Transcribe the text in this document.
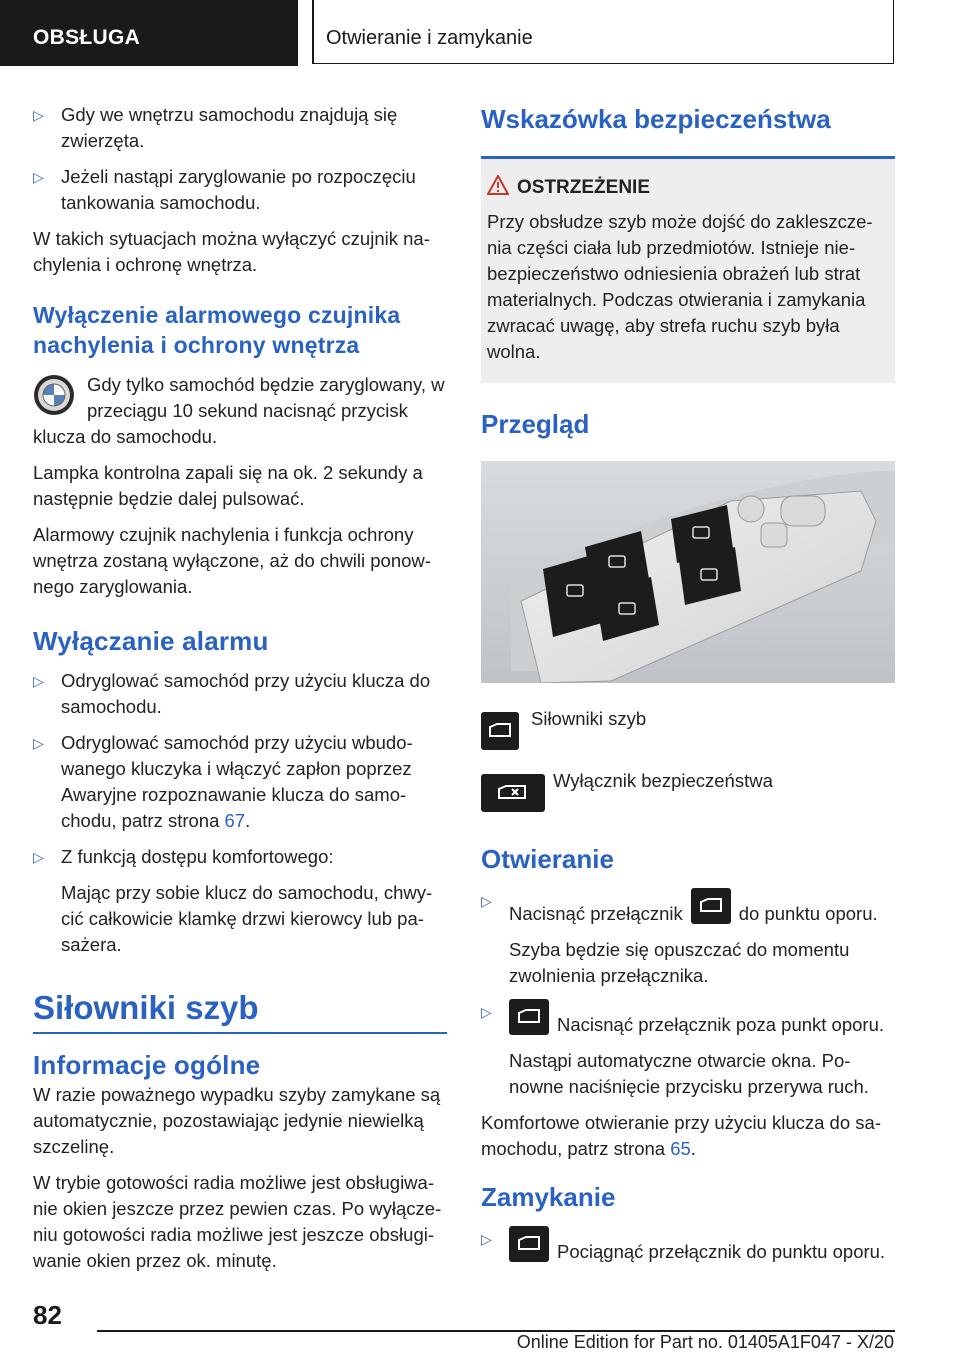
OBSŁUGA	Otwieranie i zamykanie
▷ Gdy we wnętrzu samochodu znajdują się zwierzęta.
▷ Jeżeli nastąpi zaryglowanie po rozpoczęciu tankowania samochodu.

W takich sytuacjach można wyłączyć czujnik nachylenia i ochronę wnętrza.

Wyłączenie alarmowego czujnika nachylenia i ochrony wnętrza
Gdy tylko samochód będzie zaryglowany, w przeciągu 10 sekund nacisnąć przycisk klucza do samochodu.

Lampka kontrolna zapali się na ok. 2 sekundy a następnie będzie dalej pulsować.

Alarmowy czujnik nachylenia i funkcja ochrony wnętrza zostaną wyłączone, aż do chwili ponownego zaryglowania.

Wyłączanie alarmu
▷ Odryglować samochód przy użyciu klucza do samochodu.
▷ Odryglować samochód przy użyciu wbudowanego kluczyka i włączyć zapłon poprzez Awaryjne rozpoznawanie klucza do samochodu, patrz strona 67.
▷ Z funkcją dostępu komfortowego:
Mając przy sobie klucz do samochodu, chwycić całkowicie klamkę drzwi kierowcy lub pasażera.
Siłowniki szyb
Informacje ogólne

W razie poważnego wypadku szyby zamykane są automatycznie, pozostawiając jedynie niewielką szczelinę.

W trybie gotowości radia możliwe jest obsługiwanie okien jeszcze przez pewien czas. Po wyłączeniu gotowości radia możliwe jest jeszcze obsługiwanie okien przez ok. minutę.

Wskazówka bezpieczeństwa
OSTRZEŻENIE
Przy obsłudze szyb może dojść do zakleszczenia części ciała lub przedmiotów. Istnieje niebezpieczeństwo odniesienia obrażeń lub strat materialnych. Podczas otwierania i zamykania zwracać uwagę, aby strefa ruchu szyb była wolna.
Przegląd
Siłowniki szyb
Wyłącznik bezpieczeństwa
Otwieranie
▷
Nacisnąć przełącznik	do punktu oporu.
Szyba będzie się opuszczać do momentu zwolnienia przełącznika.
▷
Nacisnąć przełącznik poza punkt oporu.
Nastąpi automatyczne otwarcie okna. Ponowne naciśnięcie przycisku przerywa ruch.

Komfortowe otwieranie przy użyciu klucza do samochodu, patrz strona 65.

Zamykanie
▷
Pociągnąć przełącznik do punktu oporu.
82
Online Edition for Part no. 01405A1F047 - X/20
